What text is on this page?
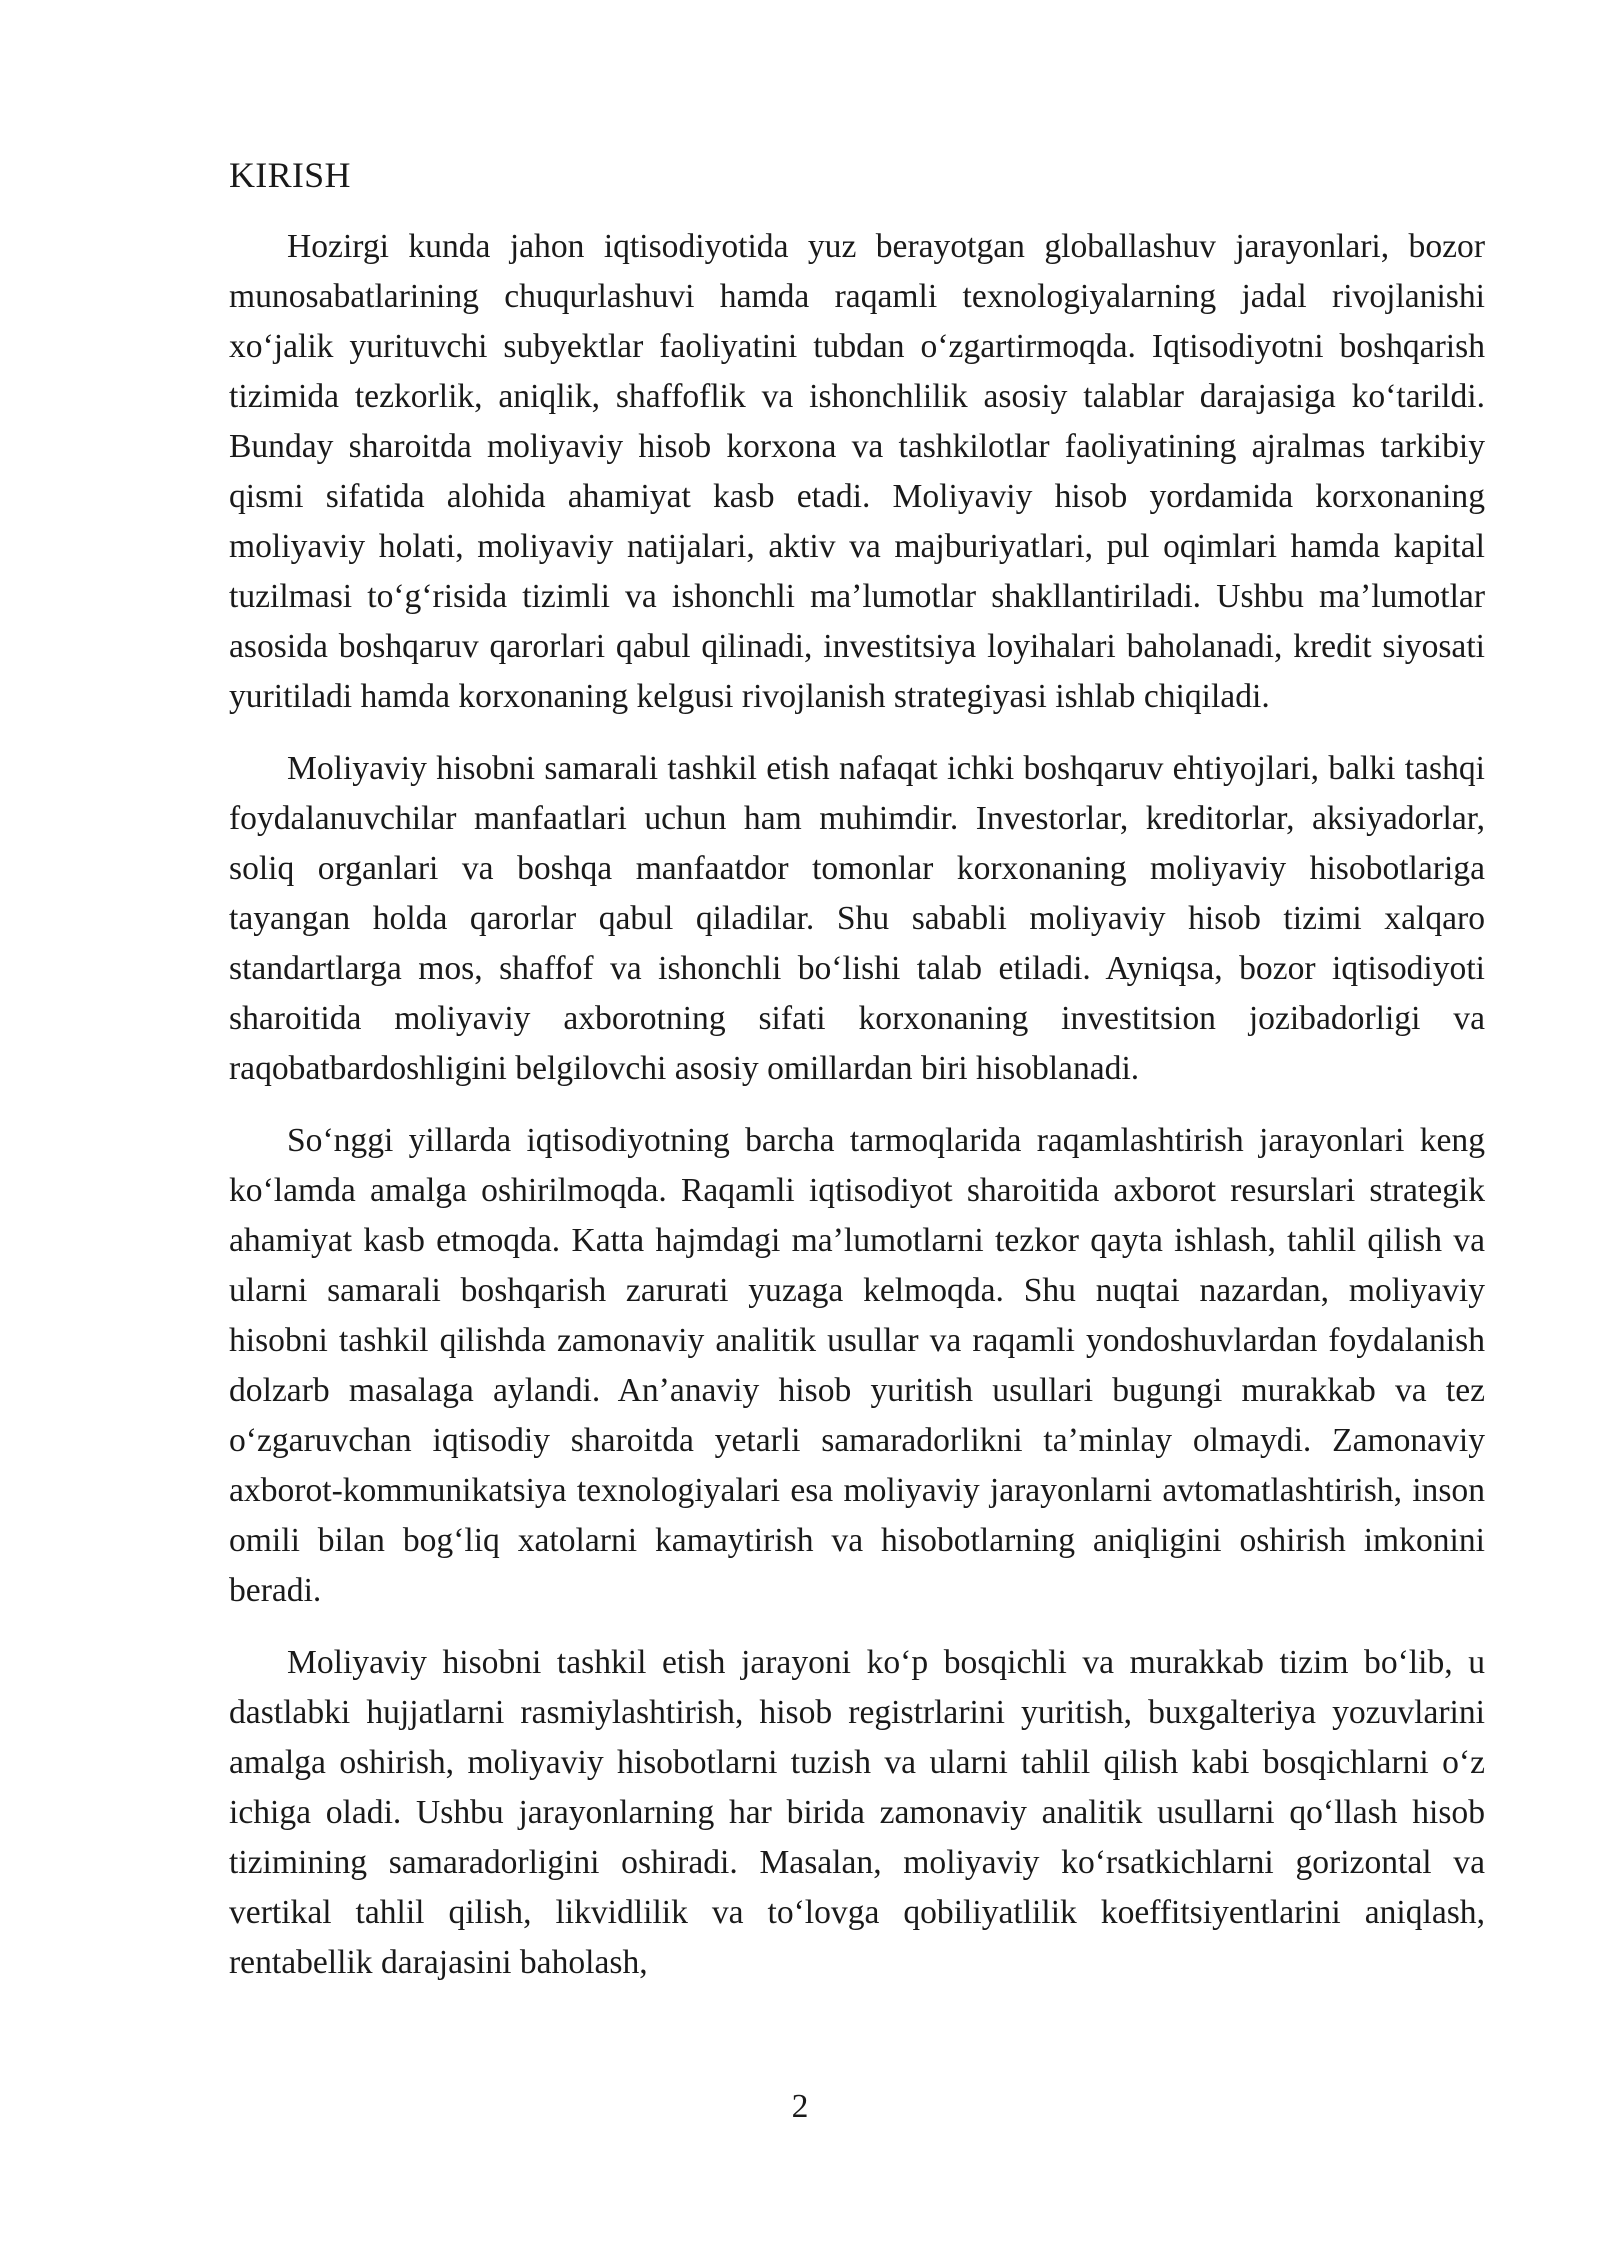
KIRISH

Hozirgi kunda jahon iqtisodiyotida yuz berayotgan globallashuv jarayonlari, bozor munosabatlarining chuqurlashuvi hamda raqamli texnologiyalarning jadal rivojlanishi xoʻjalik yurituvchi subyektlar faoliyatini tubdan oʻzgartirmoqda. Iqtisodiyotni boshqarish tizimida tezkorlik, aniqlik, shaffoflik va ishonchlilik asosiy talablar darajasiga koʻtarildi. Bunday sharoitda moliyaviy hisob korxona va tashkilotlar faoliyatining ajralmas tarkibiy qismi sifatida alohida ahamiyat kasb etadi. Moliyaviy hisob yordamida korxonaning moliyaviy holati, moliyaviy natijalari, aktiv va majburiyatlari, pul oqimlari hamda kapital tuzilmasi toʻgʻrisida tizimli va ishonchli maʼlumotlar shakllantiriladi. Ushbu maʼlumotlar asosida boshqaruv qarorlari qabul qilinadi, investitsiya loyihalari baholanadi, kredit siyosati yuritiladi hamda korxonaning kelgusi rivojlanish strategiyasi ishlab chiqiladi.

Moliyaviy hisobni samarali tashkil etish nafaqat ichki boshqaruv ehtiyojlari, balki tashqi foydalanuvchilar manfaatlari uchun ham muhimdir. Investorlar, kreditorlar, aksiyadorlar, soliq organlari va boshqa manfaatdor tomonlar korxonaning moliyaviy hisobotlariga tayangan holda qarorlar qabul qiladilar. Shu sababli moliyaviy hisob tizimi xalqaro standartlarga mos, shaffof va ishonchli boʻlishi talab etiladi. Ayniqsa, bozor iqtisodiyoti sharoitida moliyaviy axborotning sifati korxonaning investitsion jozibadorligi va raqobatbardoshligini belgilovchi asosiy omillardan biri hisoblanadi.

Soʻnggi yillarda iqtisodiyotning barcha tarmoqlarida raqamlashtirish jarayonlari keng koʻlamda amalga oshirilmoqda. Raqamli iqtisodiyot sharoitida axborot resurslari strategik ahamiyat kasb etmoqda. Katta hajmdagi maʼlumotlarni tezkor qayta ishlash, tahlil qilish va ularni samarali boshqarish zarurati yuzaga kelmoqda. Shu nuqtai nazardan, moliyaviy hisobni tashkil qilishda zamonaviy analitik usullar va raqamli yondoshuvlardan foydalanish dolzarb masalaga aylandi. Anʼanaviy hisob yuritish usullari bugungi murakkab va tez oʻzgaruvchan iqtisodiy sharoitda yetarli samaradorlikni taʼminlay olmaydi. Zamonaviy axborot-kommunikatsiya texnologiyalari esa moliyaviy jarayonlarni avtomatlashtirish, inson omili bilan bogʻliq xatolarni kamaytirish va hisobotlarning aniqligini oshirish imkonini beradi.

Moliyaviy hisobni tashkil etish jarayoni koʻp bosqichli va murakkab tizim boʻlib, u dastlabki hujjatlarni rasmiylashtirish, hisob registrlarini yuritish, buxgalteriya yozuvlarini amalga oshirish, moliyaviy hisobotlarni tuzish va ularni tahlil qilish kabi bosqichlarni oʻz ichiga oladi. Ushbu jarayonlarning har birida zamonaviy analitik usullarni qoʻllash hisob tizimining samaradorligini oshiradi. Masalan, moliyaviy koʻrsatkichlarni gorizontal va vertikal tahlil qilish, likvidlilik va toʻlovga qobiliyatlilik koeffitsiyentlarini aniqlash, rentabellik darajasini baholash,

2
